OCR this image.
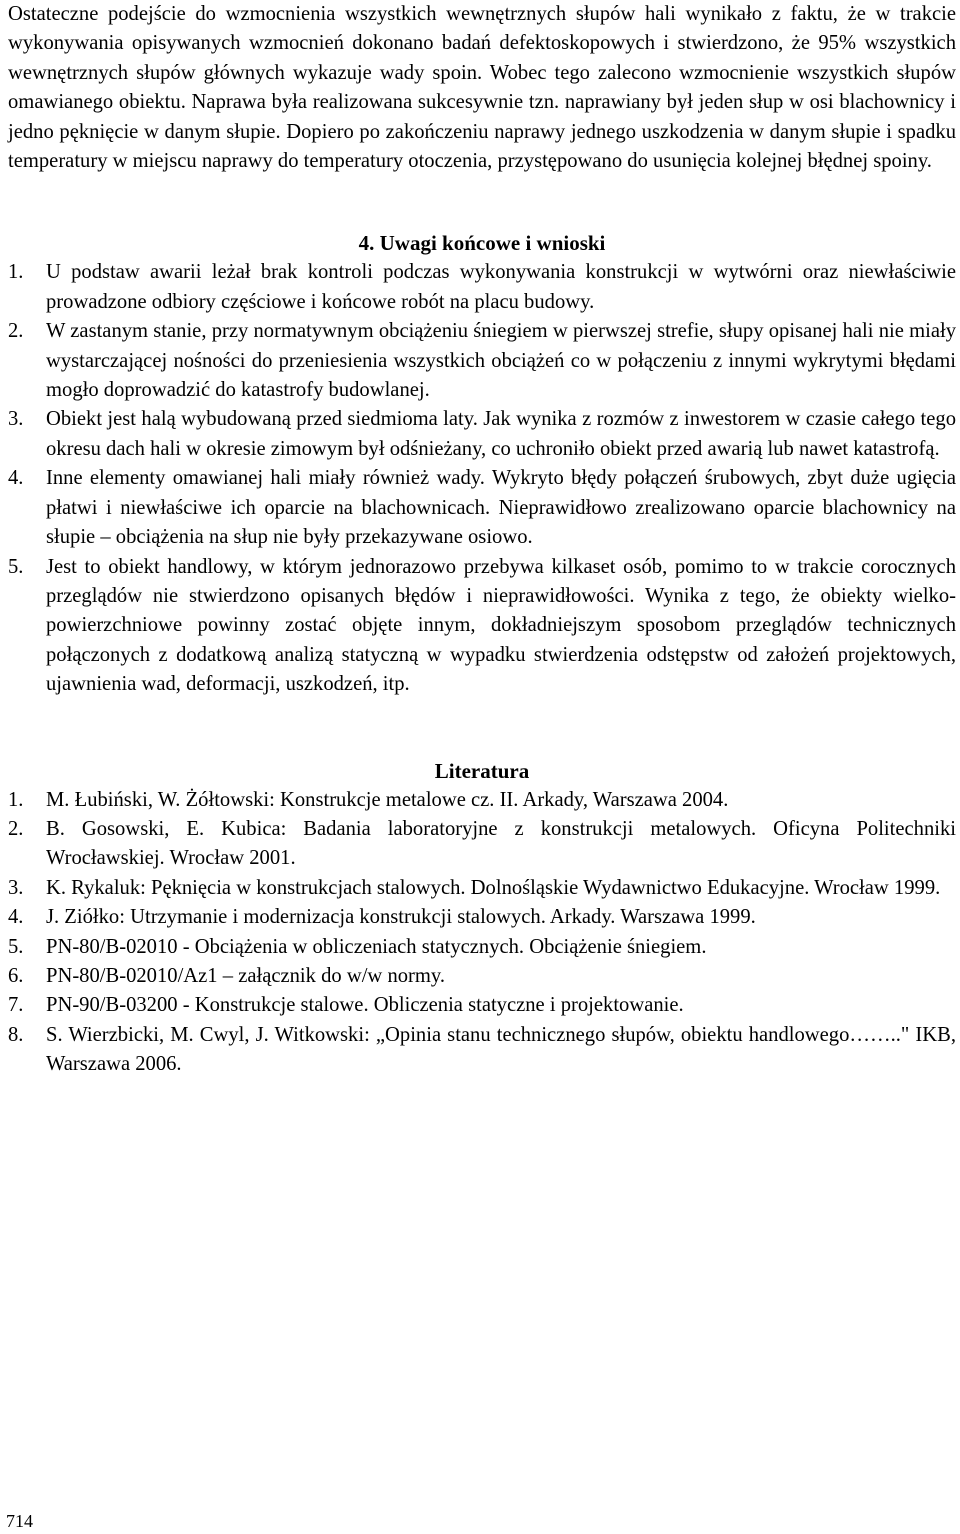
Ostateczne podejście do wzmocnienia wszystkich wewnętrznych słupów hali wynikało z faktu, że w trakcie wykonywania opisywanych wzmocnień dokonano badań defektoskopowych i stwierdzono, że 95% wszystkich wewnętrznych słupów głównych wykazuje wady spoin. Wobec tego zalecono wzmocnienie wszystkich słupów omawianego obiektu. Naprawa była realizowana sukcesywnie tzn. naprawiany był jeden słup w osi blachownicy i jedno pęknięcie w danym słupie. Dopiero po zakończeniu naprawy jednego uszkodzenia w danym słupie i spadku temperatury w miejscu naprawy do temperatury otoczenia, przystępowano do usunięcia kolejnej błędnej spoiny.

4. Uwagi końcowe i wnioski
1.	U podstaw awarii leżał brak kontroli podczas wykonywania konstrukcji w wytwórni oraz niewłaściwie prowadzone odbiory częściowe i końcowe robót na placu budowy.
2.	W zastanym stanie, przy normatywnym obciążeniu śniegiem w pierwszej strefie, słupy opisanej hali nie miały wystarczającej nośności do przeniesienia wszystkich obciążeń co w połączeniu z innymi wykrytymi błędami mogło doprowadzić do katastrofy budowlanej.
3.	Obiekt jest halą wybudowaną przed siedmioma laty. Jak wynika z rozmów z inwestorem w czasie całego tego okresu dach hali w okresie zimowym był odśnieżany, co uchroniło obiekt przed awarią lub nawet katastrofą.
4.	Inne elementy omawianej hali miały również wady. Wykryto błędy połączeń śrubowych, zbyt duże ugięcia płatwi i niewłaściwe ich oparcie na blachownicach. Nieprawidłowo zrealizowano oparcie blachownicy na słupie – obciążenia na słup nie były przekazywane osiowo.
5.	Jest to obiekt handlowy, w którym jednorazowo przebywa kilkaset osób, pomimo to w trakcie corocznych przeglądów nie stwierdzono opisanych błędów i nieprawidłowości. Wynika z tego, że obiekty wielko-powierzchniowe powinny zostać objęte innym, dokładniejszym sposobom przeglądów technicznych połączonych z dodatkową analizą statyczną w wypadku stwierdzenia odstępstw od założeń projektowych, ujawnienia wad, deformacji, uszkodzeń, itp.
Literatura
1.	M. Łubiński, W. Żółtowski: Konstrukcje metalowe cz. II. Arkady, Warszawa 2004.
2.	B. Gosowski, E. Kubica: Badania laboratoryjne z konstrukcji metalowych. Oficyna Politechniki Wrocławskiej. Wrocław 2001.
3.	K. Rykaluk: Pęknięcia w konstrukcjach stalowych. Dolnośląskie Wydawnictwo Edukacyjne. Wrocław 1999.
4.	J. Ziółko: Utrzymanie i modernizacja konstrukcji stalowych. Arkady. Warszawa 1999.
5.	PN-80/B-02010 - Obciążenia w obliczeniach statycznych. Obciążenie śniegiem.
6.	PN-80/B-02010/Az1 – załącznik do w/w normy.
7.	PN-90/B-03200 - Konstrukcje stalowe. Obliczenia statyczne i projektowanie.
8.	S. Wierzbicki, M. Cwyl, J. Witkowski: „Opinia stanu technicznego słupów, obiektu handlowego…….." IKB, Warszawa 2006.
714
